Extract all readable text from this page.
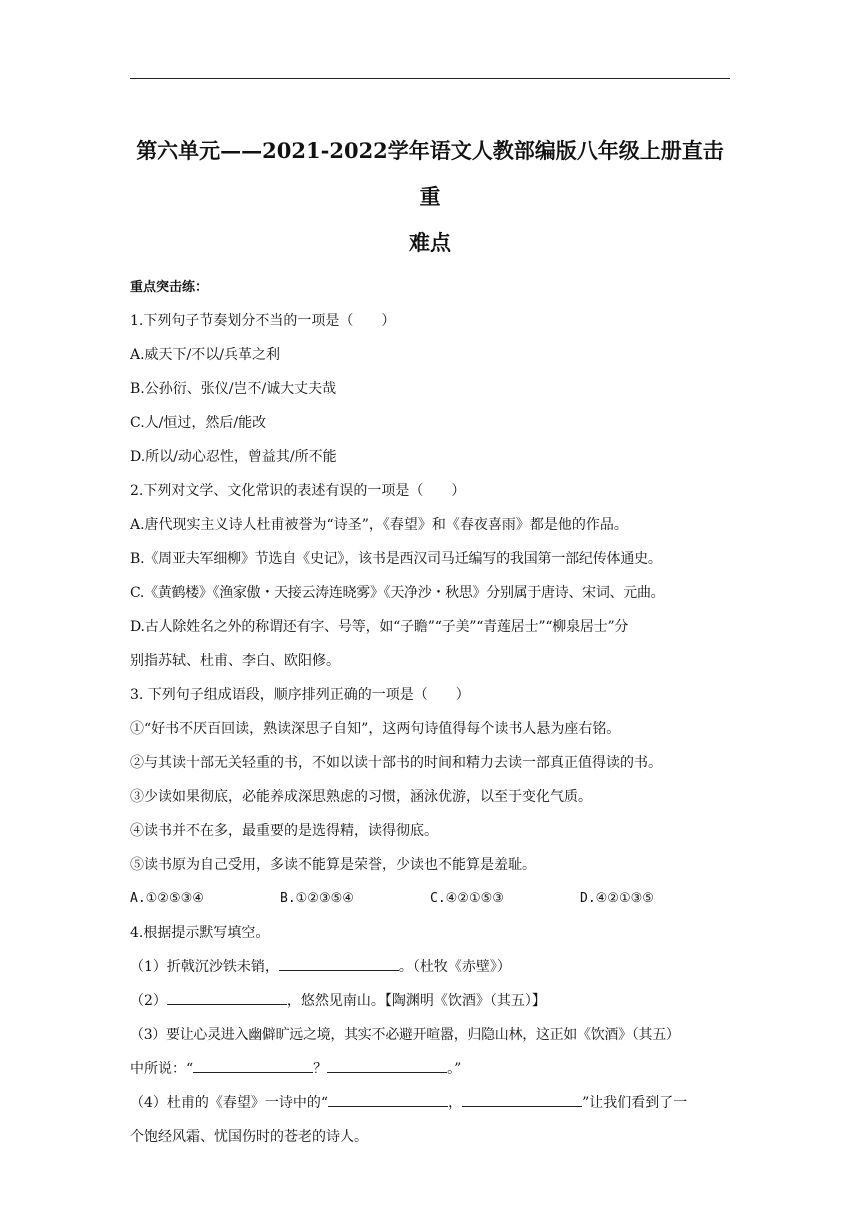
第六单元——2021-2022学年语文人教部编版八年级上册直击重
难点

重点突击练：
1.下列句子节奏划分不当的一项是（　　）
A.威天下/不以/兵革之利
B.公孙衍、张仪/岂不/诚大丈夫哉
C.人/恒过，然后/能改
D.所以/动心忍性，曾益其/所不能
2.下列对文学、文化常识的表述有误的一项是（　　）
A.唐代现实主义诗人杜甫被誉为“诗圣”，《春望》和《春夜喜雨》都是他的作品。
B.《周亚夫军细柳》节选自《史记》，该书是西汉司马迁编写的我国第一部纪传体通史。
C.《黄鹤楼》《渔家傲・天接云涛连晓雾》《天净沙・秋思》分别属于唐诗、宋词、元曲。
D.古人除姓名之外的称谓还有字、号等，如“子瞻”“子美”“青莲居士”“柳泉居士”分
别指苏轼、杜甫、李白、欧阳修。
3. 下列句子组成语段，顺序排列正确的一项是（　　）
①“好书不厌百回读，熟读深思子自知”，这两句诗值得每个读书人悬为座右铭。
②与其读十部无关轻重的书，不如以读十部书的时间和精力去读一部真正值得读的书。
③少读如果彻底，必能养成深思熟虑的习惯，涵泳优游，以至于变化气质。
④读书并不在多，最重要的是选得精，读得彻底。
⑤读书原为自己受用，多读不能算是荣誉，少读也不能算是羞耻。
A.①②⑤③④	B.①②③⑤④	C.④②①⑤③	D.④②①③⑤
4.根据提示默写填空。
（1）折戟沉沙铁未销，	。（杜牧《赤壁》）
（2）	，悠然见南山。【陶渊明《饮酒》（其五）】
（3）要让心灵进入幽僻旷远之境，其实不必避开喧嚣，归隐山林，这正如《饮酒》（其五）
中所说：“	？	。”
（4）杜甫的《春望》一诗中的“	，	”让我们看到了一
个饱经风霜、忧国伤时的苍老的诗人。
